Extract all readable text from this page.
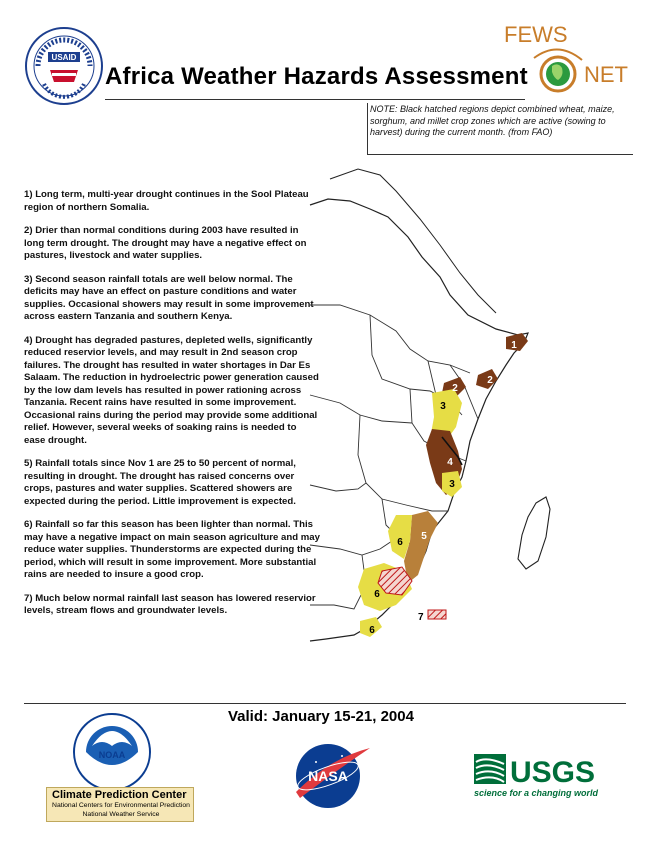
USAID
Africa Weather Hazards Assessment
FEWS
NET
NOTE: Black hatched regions depict combined wheat, maize, sorghum, and millet crop zones which are active (sowing to harvest) during the current month. (from FAO)
1) Long term, multi-year drought continues in the Sool Plateau region of northern Somalia.
2) Drier than normal conditions during 2003 have resulted in long term drought. The drought may have a negative effect on pastures, livestock and water supplies.
3) Second season rainfall totals are well below normal. The deficits may have an effect on pasture conditions and water supplies. Occasional showers may result in some improvement across eastern Tanzania and southern Kenya.
4) Drought has degraded pastures, depleted wells, significantly reduced reservior levels, and may result in 2nd season crop failures. The drought has resulted in water shortages in Dar Es Salaam. The reduction in hydroelectric power generation caused by the low dam levels has resulted in power rationing across Tanzania. Recent rains have resulted in some improvement. Occasional rains during the period may provide some additional relief. However, several weeks of soaking rains is needed to ease drought.
5) Rainfall totals since Nov 1 are 25 to 50 percent of normal, resulting in drought. The drought has raised concerns over crops, pastures and water supplies. Scattered showers are expected during the period. Little improvement is expected.
6) Rainfall so far this season has been lighter than normal. This may have a negative impact on main season agriculture and may reduce water supplies. Thunderstorms are expected during the period, which will result in some improvement. More substantial rains are needed to insure a good crop.
7) Much below normal rainfall last season has lowered reservior levels, stream flows and groundwater levels.
1
2
2
3
4
3
5
6
6
6
7
Valid: January 15-21, 2004
NOAA
Climate Prediction Center
National Centers for Environmental Prediction
National Weather Service
NASA	USGS
science for a changing world
